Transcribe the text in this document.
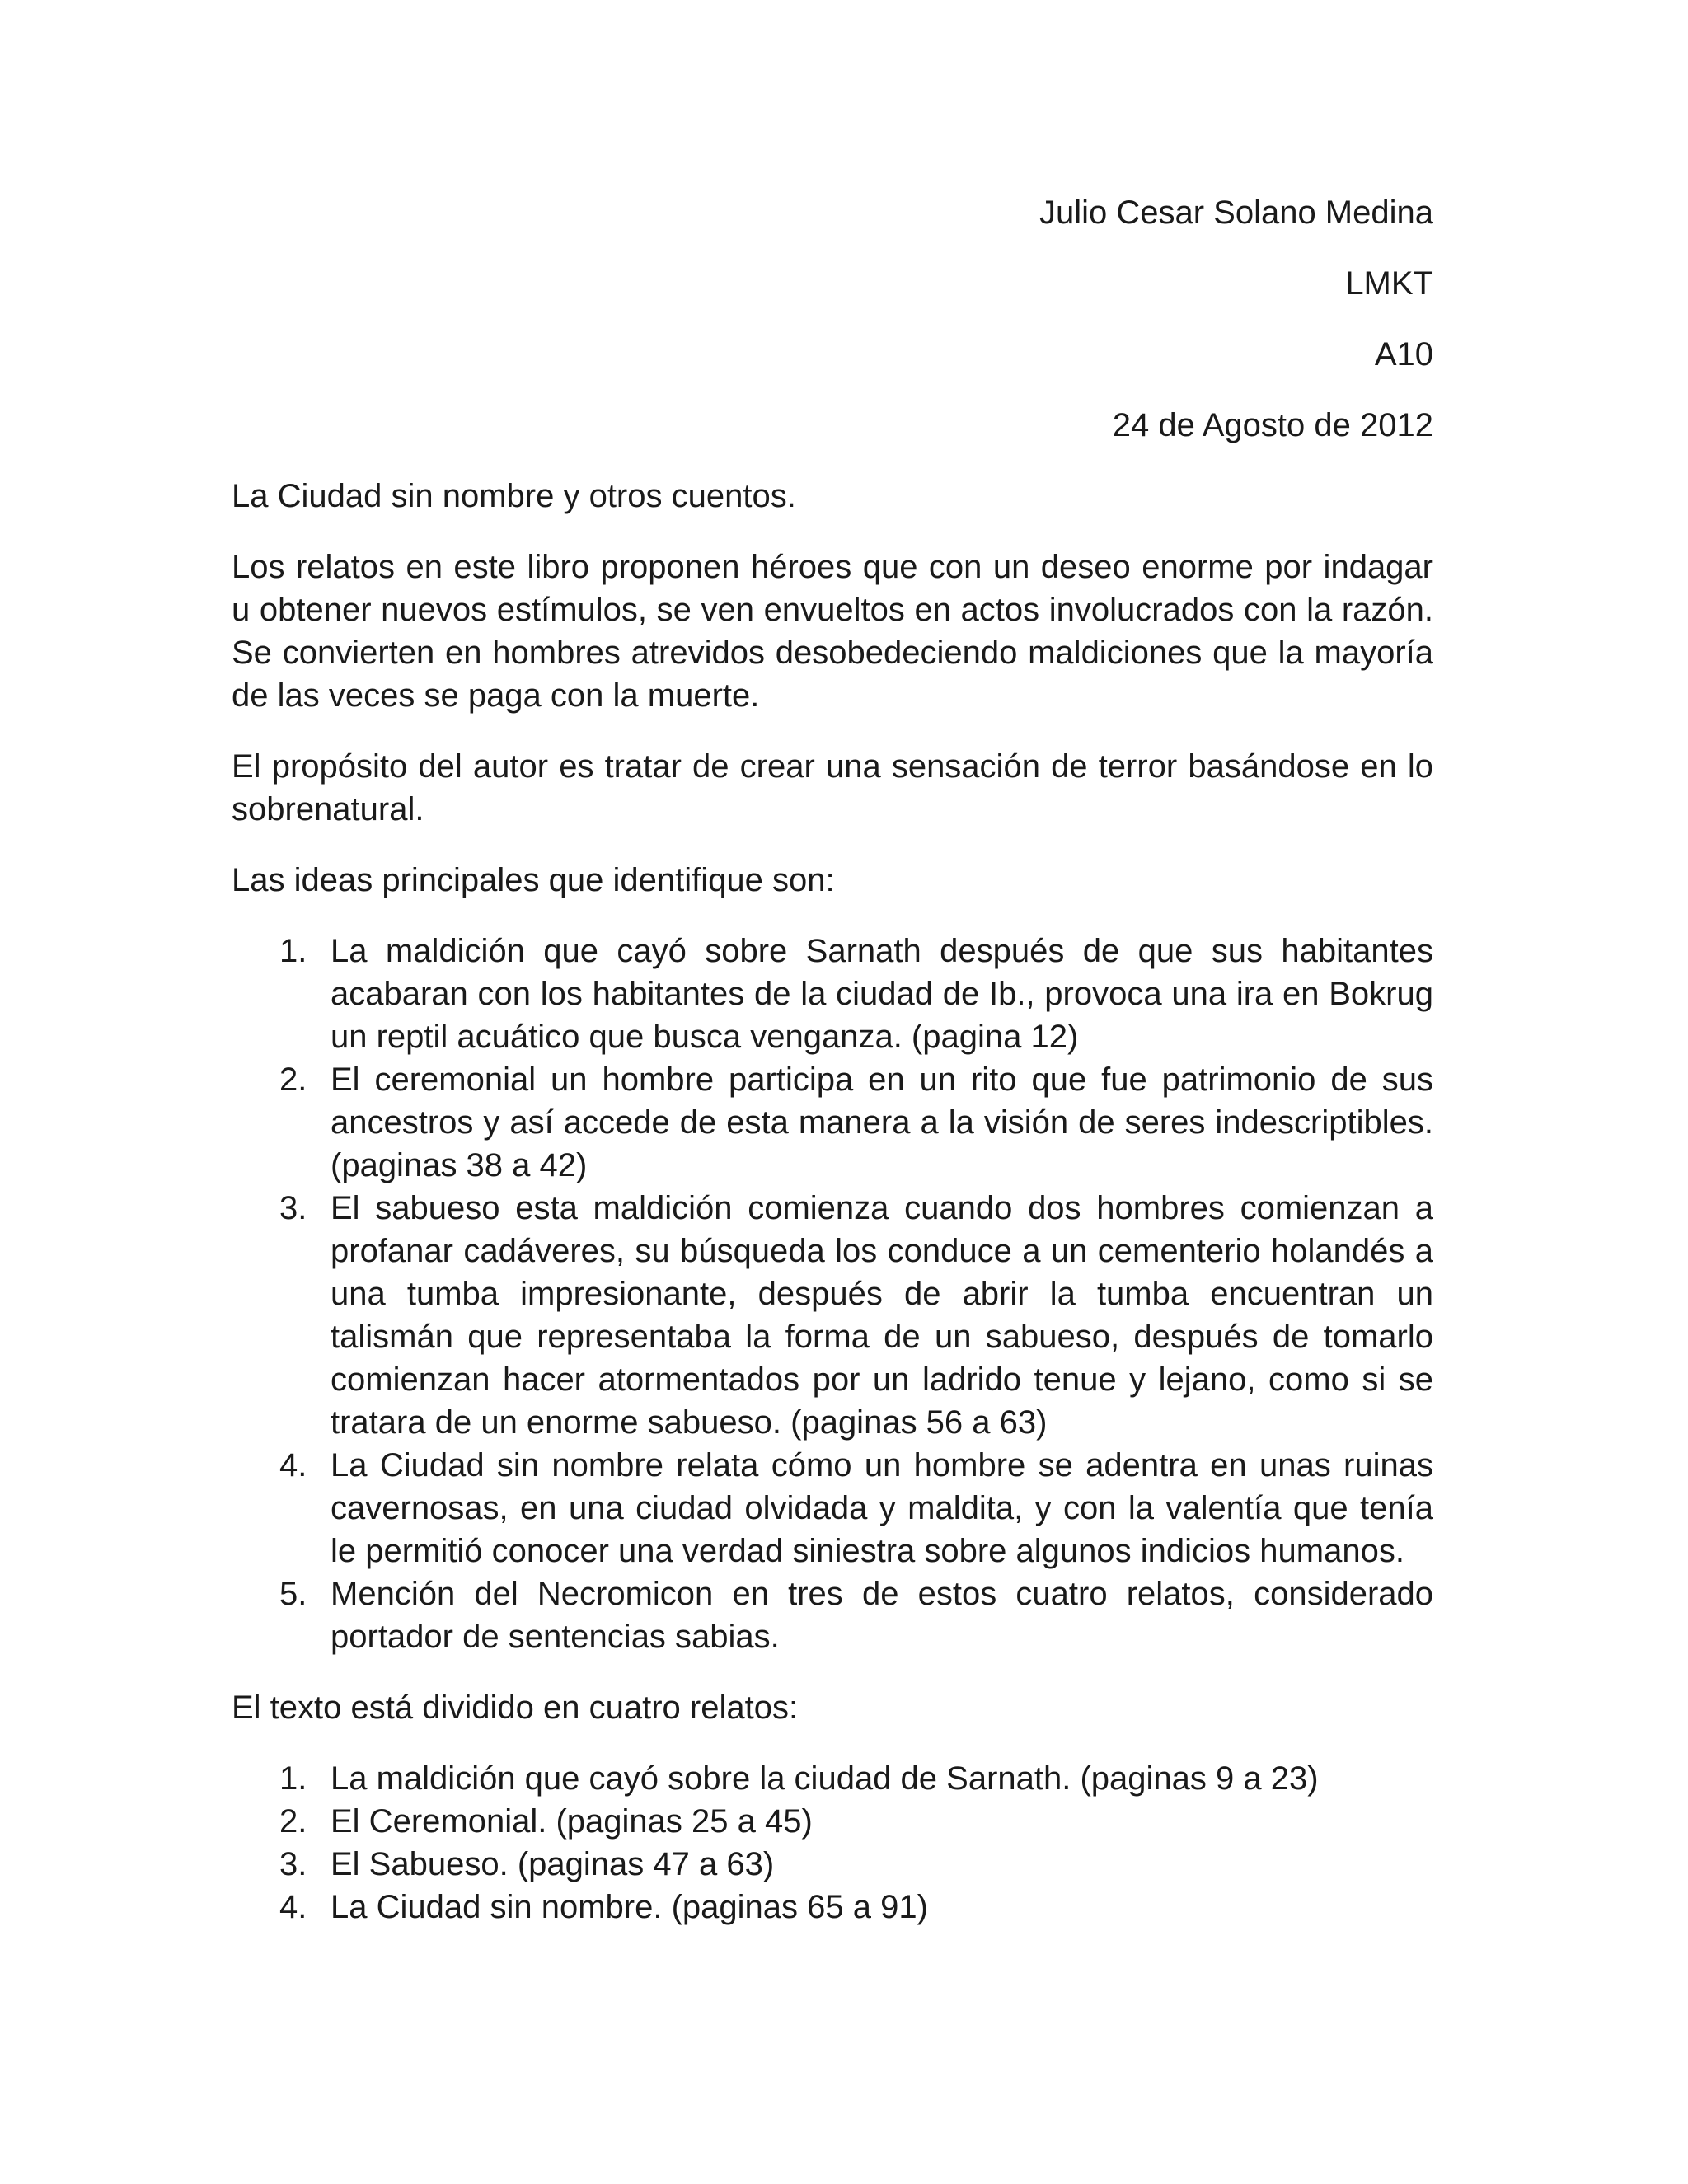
Julio Cesar Solano Medina
LMKT
A10
24 de Agosto de 2012
La Ciudad sin nombre y otros cuentos.

Los relatos en este libro proponen héroes que con un deseo enorme por indagar u obtener nuevos estímulos, se ven envueltos en actos involucrados con la razón. Se convierten en hombres atrevidos desobedeciendo maldiciones que la mayoría de las veces se paga con la muerte.

El propósito del autor es tratar de crear una sensación de terror basándose en lo sobrenatural.

Las ideas principales que identifique son:

1. La maldición que cayó sobre Sarnath después de que sus habitantes acabaran con los habitantes de la ciudad de Ib., provoca una ira en Bokrug un reptil acuático que busca venganza. (pagina 12)
2. El ceremonial un hombre participa en un rito que fue patrimonio de sus ancestros y así accede de esta manera a la visión de seres indescriptibles. (paginas 38 a 42)
3. El sabueso esta maldición comienza cuando dos hombres comienzan a profanar cadáveres, su búsqueda los conduce a un cementerio holandés a una tumba impresionante, después de abrir la tumba encuentran un talismán que representaba la forma de un sabueso, después de tomarlo comienzan hacer atormentados por un ladrido tenue y lejano, como si se tratara de un enorme sabueso. (paginas 56 a 63)
4. La Ciudad sin nombre relata cómo un hombre se adentra en unas ruinas cavernosas, en una ciudad olvidada y maldita, y con la valentía que tenía le permitió conocer una verdad siniestra sobre algunos indicios humanos.
5. Mención del Necromicon en tres de estos cuatro relatos, considerado portador de sentencias sabias.

El texto está dividido en cuatro relatos:

1. La maldición que cayó sobre la ciudad de Sarnath. (paginas 9 a 23)
2. El Ceremonial. (paginas 25 a 45)
3. El Sabueso. (paginas 47 a 63)
4. La Ciudad sin nombre. (paginas 65 a 91)
